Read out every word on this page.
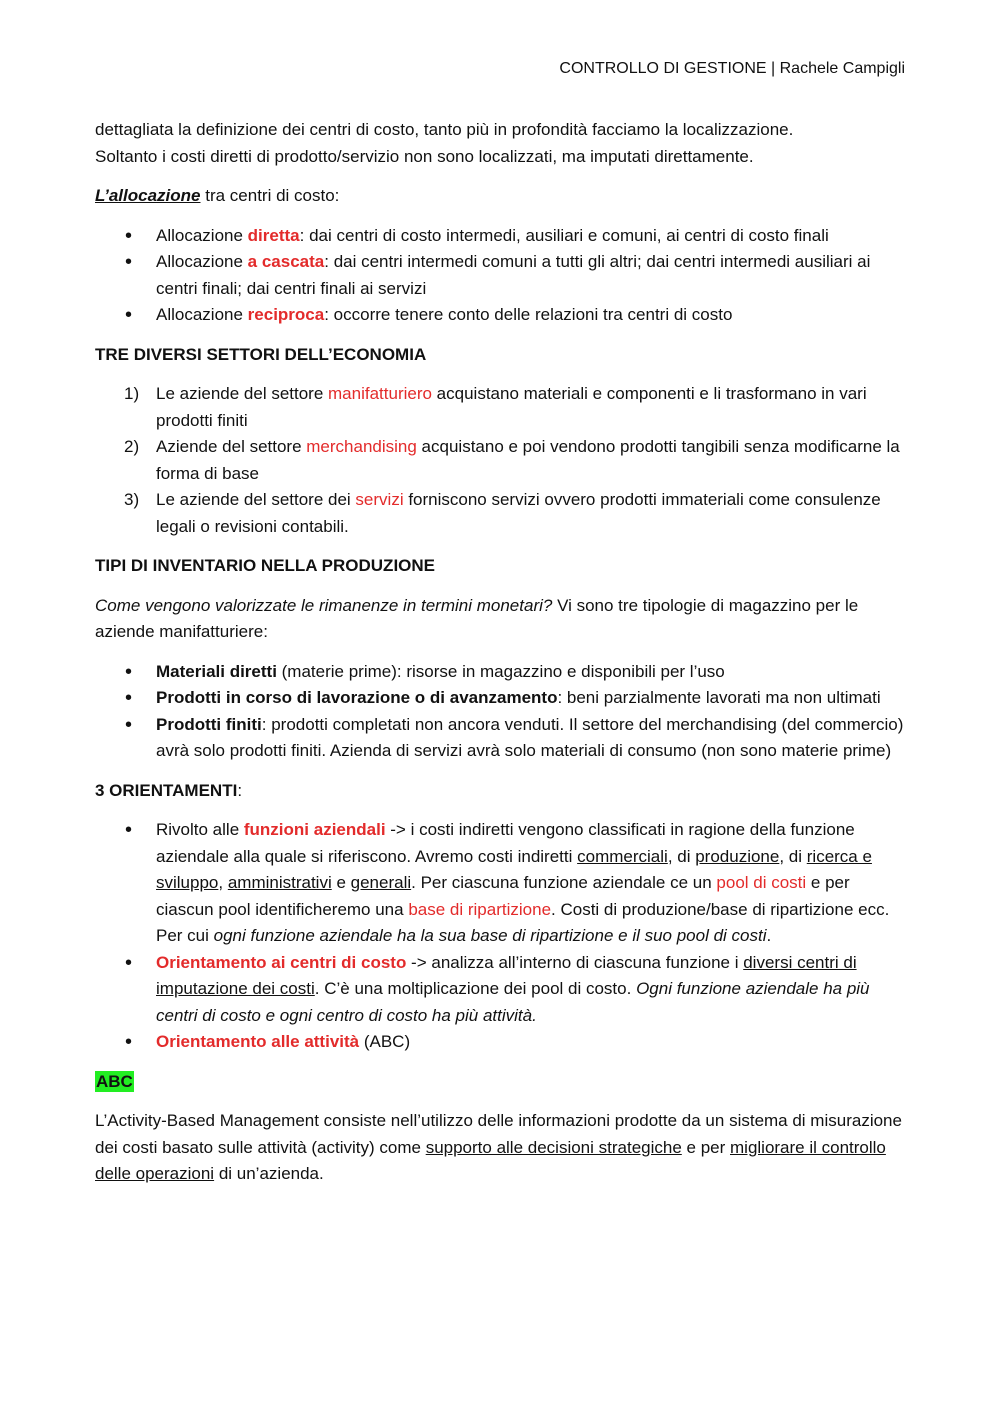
CONTROLLO DI GESTIONE | Rachele Campigli

dettagliata la definizione dei centri di costo, tanto più in profondità facciamo la localizzazione.
Soltanto i costi diretti di prodotto/servizio non sono localizzati, ma imputati direttamente.

L’allocazione tra centri di costo:

• Allocazione diretta: dai centri di costo intermedi, ausiliari e comuni, ai centri di costo finali
• Allocazione a cascata: dai centri intermedi comuni a tutti gli altri; dai centri intermedi ausiliari ai centri finali; dai centri finali ai servizi
• Allocazione reciproca: occorre tenere conto delle relazioni tra centri di costo

TRE DIVERSI SETTORI DELL’ECONOMIA

1) Le aziende del settore manifatturiero acquistano materiali e componenti e li trasformano in vari prodotti finiti
2) Aziende del settore merchandising acquistano e poi vendono prodotti tangibili senza modificarne la forma di base
3) Le aziende del settore dei servizi forniscono servizi ovvero prodotti immateriali come consulenze legali o revisioni contabili.

TIPI DI INVENTARIO NELLA PRODUZIONE

Come vengono valorizzate le rimanenze in termini monetari? Vi sono tre tipologie di magazzino per le aziende manifatturiere:

• Materiali diretti (materie prime): risorse in magazzino e disponibili per l’uso
• Prodotti in corso di lavorazione o di avanzamento: beni parzialmente lavorati ma non ultimati
• Prodotti finiti: prodotti completati non ancora venduti. Il settore del merchandising (del commercio) avrà solo prodotti finiti. Azienda di servizi avrà solo materiali di consumo (non sono materie prime)

3 ORIENTAMENTI:

• Rivolto alle funzioni aziendali -> i costi indiretti vengono classificati in ragione della funzione aziendale alla quale si riferiscono. Avremo costi indiretti commerciali, di produzione, di ricerca e sviluppo, amministrativi e generali. Per ciascuna funzione aziendale ce un pool di costi e per ciascun pool identificheremo una base di ripartizione. Costi di produzione/base di ripartizione ecc.
Per cui ogni funzione aziendale ha la sua base di ripartizione e il suo pool di costi.
• Orientamento ai centri di costo -> analizza all’interno di ciascuna funzione i diversi centri di imputazione dei costi. C’è una moltiplicazione dei pool di costo. Ogni funzione aziendale ha più centri di costo e ogni centro di costo ha più attività.
• Orientamento alle attività (ABC)

ABC

L’Activity-Based Management consiste nell’utilizzo delle informazioni prodotte da un sistema di misurazione dei costi basato sulle attività (activity) come supporto alle decisioni strategiche e per migliorare il controllo delle operazioni di un’azienda.
